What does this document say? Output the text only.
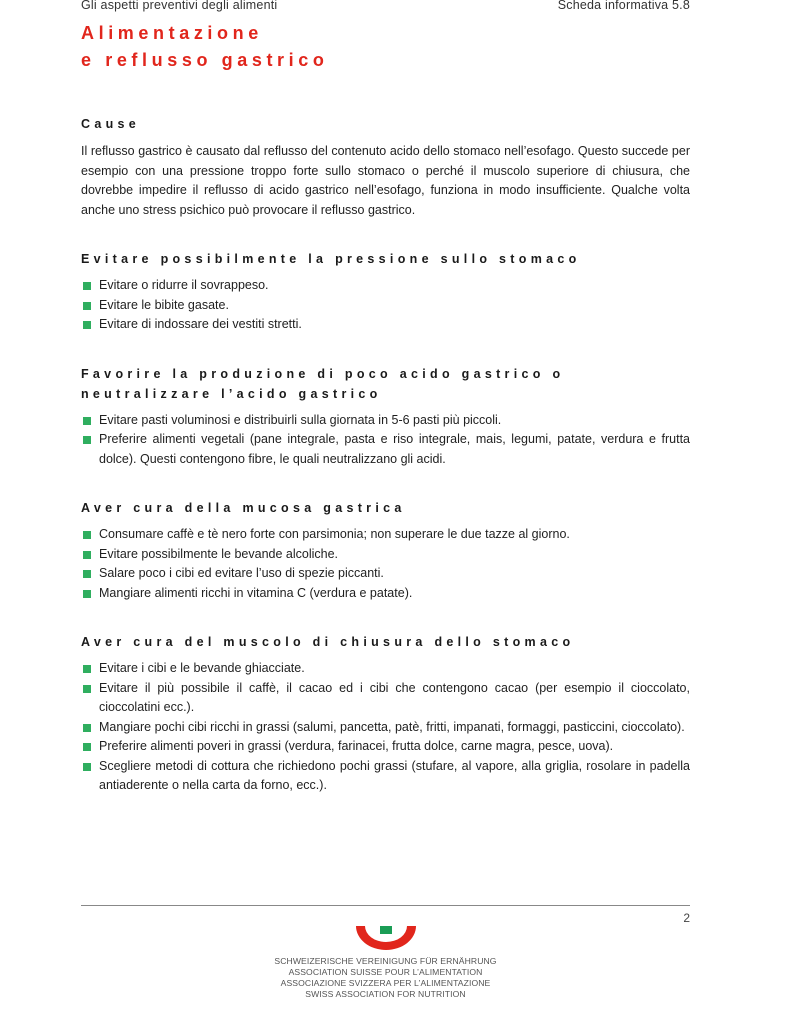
Gli aspetti preventivi degli alimenti	Scheda informativa 5.8
Alimentazione
e reflusso gastrico
Cause

Il reflusso gastrico è causato dal reflusso del contenuto acido dello stomaco nell’esofago. Questo succede per esempio con una pressione troppo forte sullo stomaco o perché il muscolo superiore di chiusura, che dovrebbe impedire il reflusso di acido gastrico nell’esofago, funziona in modo insufficiente. Qualche volta anche uno stress psichico può provocare il reflusso gastrico.

Evitare possibilmente la pressione sullo stomaco
Evitare o ridurre il sovrappeso.
Evitare le bibite gasate.
Evitare di indossare dei vestiti stretti.
Favorire la produzione di poco acido gastrico o neutralizzare l’acido gastrico
Evitare pasti voluminosi e distribuirli sulla giornata in 5-6 pasti più piccoli.
Preferire alimenti vegetali (pane integrale, pasta e riso integrale, mais, legumi, patate, verdura e frutta dolce). Questi contengono fibre, le quali neutralizzano gli acidi.
Aver cura della mucosa gastrica
Consumare caffè e tè nero forte con parsimonia; non superare le due tazze al giorno.
Evitare possibilmente le bevande alcoliche.
Salare poco i cibi ed evitare l’uso di spezie piccanti.
Mangiare alimenti ricchi in vitamina C (verdura e patate).
Aver cura del muscolo di chiusura dello stomaco
Evitare i cibi e le bevande ghiacciate.
Evitare il più possibile il caffè, il cacao ed i cibi che contengono cacao (per esempio il cioccolato, cioccolatini ecc.).
Mangiare pochi cibi ricchi in grassi (salumi, pancetta, patè, fritti, impanati, formaggi, pasticcini, cioccolato).
Preferire alimenti poveri in grassi (verdura, farinacei, frutta dolce, carne magra, pesce, uova).
Scegliere metodi di cottura che richiedono pochi grassi (stufare, al vapore, alla griglia, rosolare in padella antiaderente o nella carta da forno, ecc.).
2
SCHWEIZERISCHE VEREINIGUNG FÜR ERNÄHRUNG
ASSOCIATION SUISSE POUR L’ALIMENTATION
ASSOCIAZIONE SVIZZERA PER L’ALIMENTAZIONE
SWISS ASSOCIATION FOR NUTRITION
